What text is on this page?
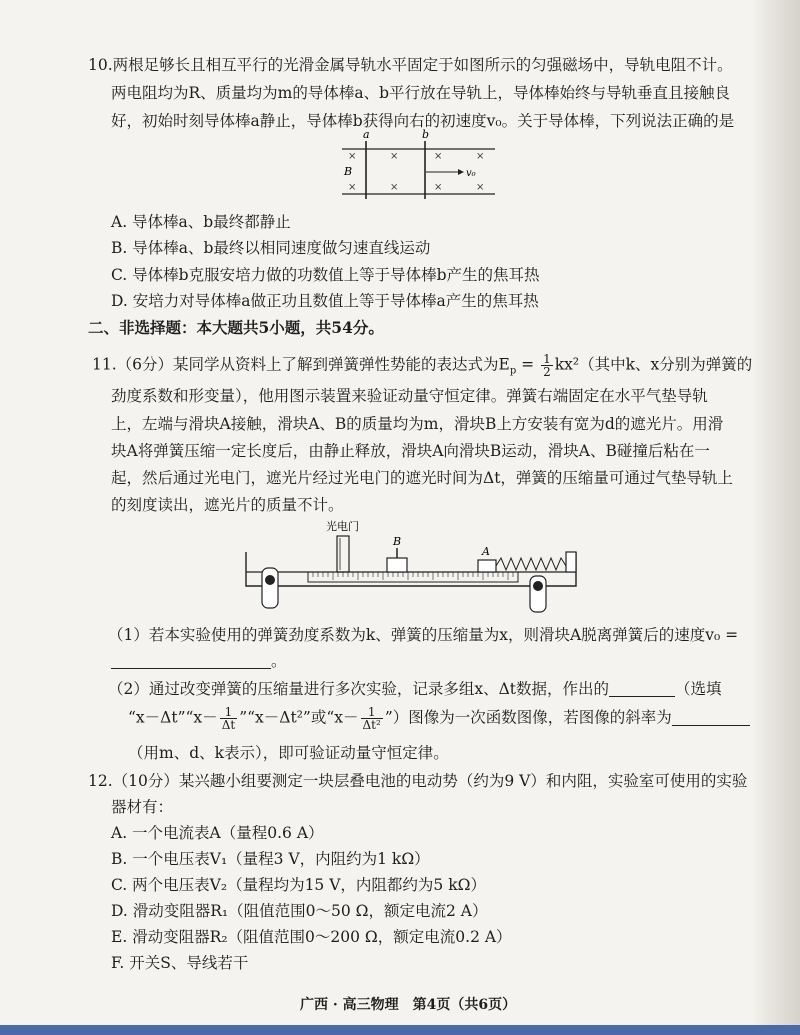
10.两根足够长且相互平行的光滑金属导轨水平固定于如图所示的匀强磁场中，导轨电阻不计。
两电阻均为R、质量均为m的导体棒a、b平行放在导轨上，导体棒始终与导轨垂直且接触良
好，初始时刻导体棒a静止，导体棒b获得向右的初速度v₀。关于导体棒，下列说法正确的是
a	b
B
×	×	×	×
×	×	×	×
v₀
A. 导体棒a、b最终都静止
B. 导体棒a、b最终以相同速度做匀速直线运动
C. 导体棒b克服安培力做的功数值上等于导体棒b产生的焦耳热
D. 安培力对导体棒a做正功且数值上等于导体棒a产生的焦耳热
二、非选择题：本大题共5小题，共54分。
11.（6分）某同学从资料上了解到弹簧弹性势能的表达式为$E_p = \frac{1}{2} kx^2$（其中k、x分别为弹簧的
劲度系数和形变量），他用图示装置来验证动量守恒定律。弹簧右端固定在水平气垫导轨
上，左端与滑块A接触，滑块A、B的质量均为m，滑块B上方安装有宽为d的遮光片。用滑
块A将弹簧压缩一定长度后，由静止释放，滑块A向滑块B运动，滑块A、B碰撞后粘在一
起，然后通过光电门，遮光片经过光电门的遮光时间为Δt，弹簧的压缩量可通过气垫导轨上
的刻度读出，遮光片的质量不计。
光电门
B
A
（1）若本实验使用的弹簧劲度系数为k、弹簧的压缩量为x，则滑块A脱离弹簧后的速度v₀ =
。
（2）通过改变弹簧的压缩量进行多次实验，记录多组x、Δt数据，作出的	（选填
“x－Δt”“x－ $\frac{1}{\Delta t}$ ”“x－Δt²”或“$x- \frac{1}{\text{Δt²}}$ ”）图像为一次函数图像，若图像的斜率为
（用m、d、k表示），即可验证动量守恒定律。
12.（10分）某兴趣小组要测定一块层叠电池的电动势（约为9 V）和内阻，实验室可使用的实验
器材有：
A. 一个电流表A（量程0.6 A）
B. 一个电压表V₁（量程3 V，内阻约为1 kΩ）
C. 两个电压表V₂（量程均为15 V，内阻都约为5 kΩ）
D. 滑动变阻器R₁（阻值范围0～50 Ω，额定电流2 A）
E. 滑动变阻器R₂（阻值范围0～200 Ω，额定电流0.2 A）
F. 开关S、导线若干
广西 · 高三物理　第4页（共6页）
